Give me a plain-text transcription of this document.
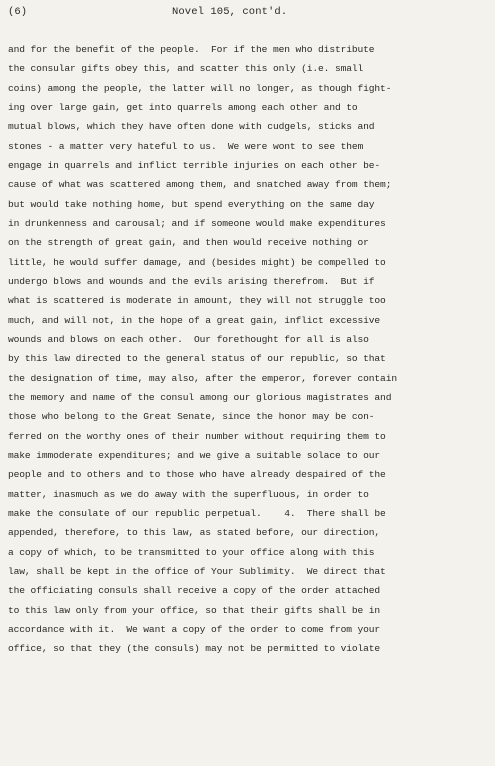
(6)	Novel 105, cont'd.
and for the benefit of the people.  For if the men who distribute
the consular gifts obey this, and scatter this only (i.e. small
coins) among the people, the latter will no longer, as though fight-
ing over large gain, get into quarrels among each other and to
mutual blows, which they have often done with cudgels, sticks and
stones - a matter very hateful to us.  We were wont to see them
engage in quarrels and inflict terrible injuries on each other be-
cause of what was scattered among them, and snatched away from them;
but would take nothing home, but spend everything on the same day
in drunkenness and carousal; and if someone would make expenditures
on the strength of great gain, and then would receive nothing or
little, he would suffer damage, and (besides might) be compelled to
undergo blows and wounds and the evils arising therefrom.  But if
what is scattered is moderate in amount, they will not struggle too
much, and will not, in the hope of a great gain, inflict excessive
wounds and blows on each other.  Our forethought for all is also
by this law directed to the general status of our republic, so that
the designation of time, may also, after the emperor, forever contain
the memory and name of the consul among our glorious magistrates and
those who belong to the Great Senate, since the honor may be con-
ferred on the worthy ones of their number without requiring them to
make immoderate expenditures; and we give a suitable solace to our
people and to others and to those who have already despaired of the
matter, inasmuch as we do away with the superfluous, in order to
make the consulate of our republic perpetual.    4.  There shall be
appended, therefore, to this law, as stated before, our direction,
a copy of which, to be transmitted to your office along with this
law, shall be kept in the office of Your Sublimity.  We direct that
the officiating consuls shall receive a copy of the order attached
to this law only from your office, so that their gifts shall be in
accordance with it.  We want a copy of the order to come from your
office, so that they (the consuls) may not be permitted to violate
